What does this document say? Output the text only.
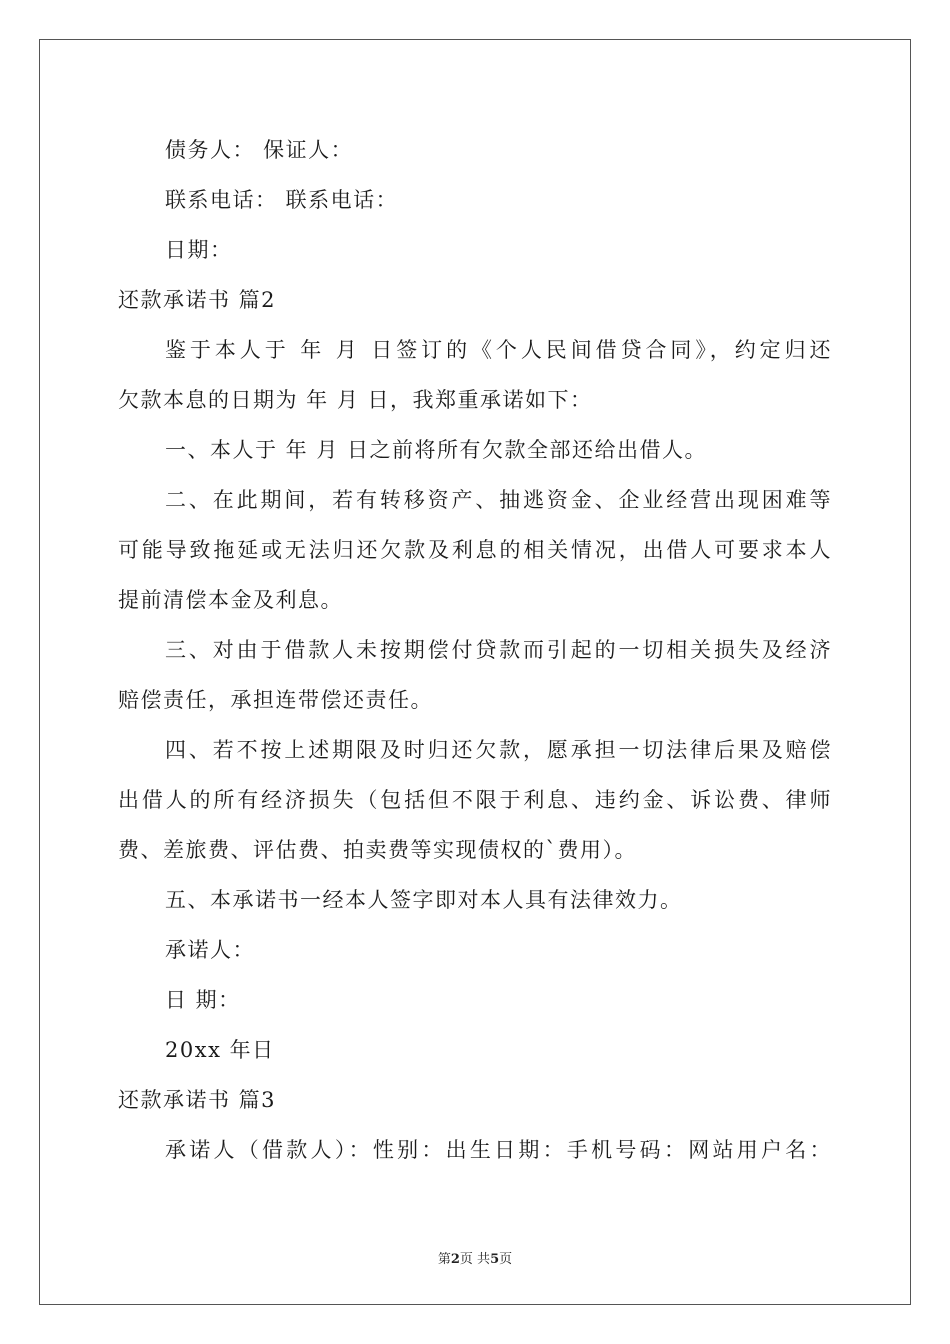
债务人： 保证人：
联系电话： 联系电话：
日期：
还款承诺书 篇2
鉴于本人于 年 月 日签订的《个人民间借贷合同》，约定归还
欠款本息的日期为 年 月 日，我郑重承诺如下：
一、本人于 年 月 日之前将所有欠款全部还给出借人。
二、在此期间，若有转移资产、抽逃资金、企业经营出现困难等
可能导致拖延或无法归还欠款及利息的相关情况，出借人可要求本人
提前清偿本金及利息。
三、对由于借款人未按期偿付贷款而引起的一切相关损失及经济
赔偿责任，承担连带偿还责任。
四、若不按上述期限及时归还欠款，愿承担一切法律后果及赔偿
出借人的所有经济损失（包括但不限于利息、违约金、诉讼费、律师
费、差旅费、评估费、拍卖费等实现债权的`费用）。
五、本承诺书一经本人签字即对本人具有法律效力。
承诺人：
日 期：
20xx 年日
还款承诺书 篇3
承诺人（借款人）：性别：出生日期：手机号码：网站用户名：
第2页 共5页
